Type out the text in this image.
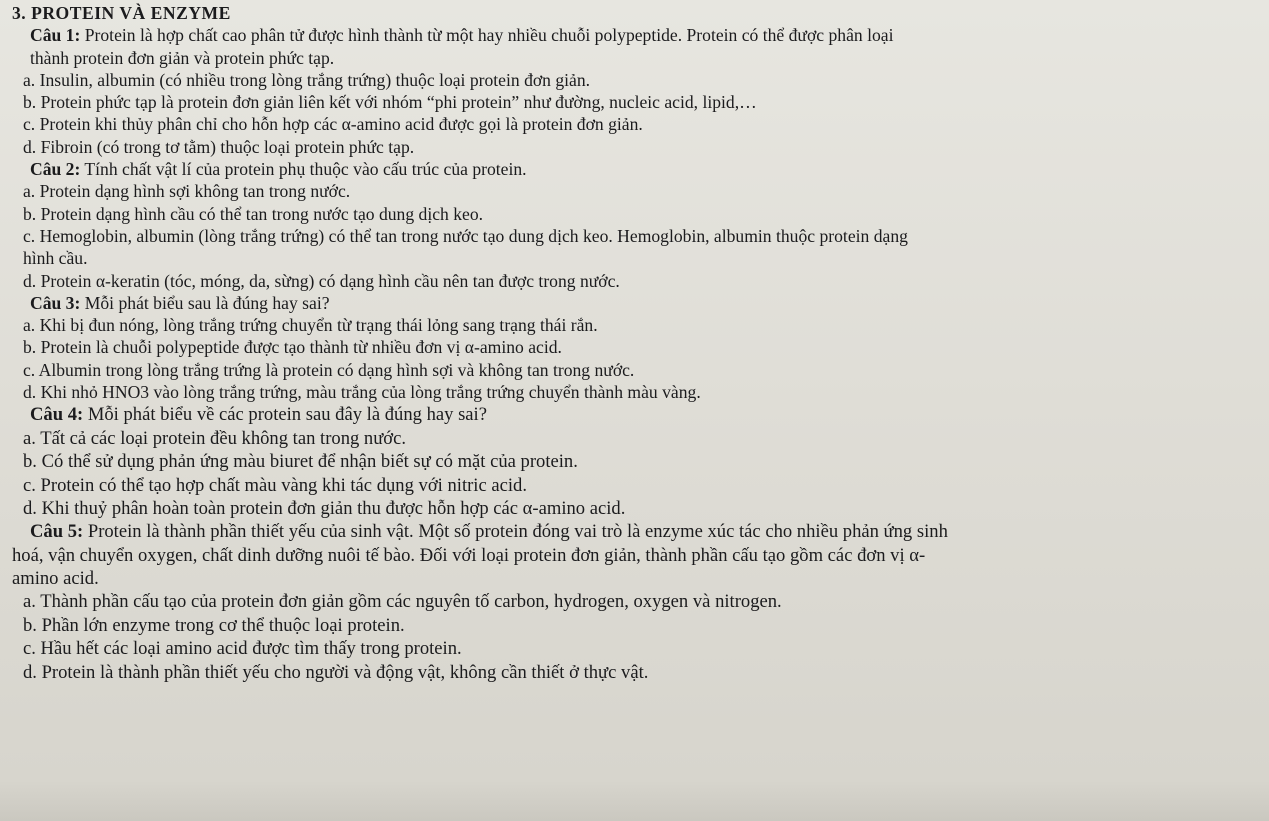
3. PROTEIN VÀ ENZYME
Câu 1: Protein là hợp chất cao phân tử được hình thành từ một hay nhiều chuỗi polypeptide. Protein có thể được phân loại
thành protein đơn giản và protein phức tạp.
a. Insulin, albumin (có nhiều trong lòng trắng trứng) thuộc loại protein đơn giản.
b. Protein phức tạp là protein đơn giản liên kết với nhóm “phi protein” như đường, nucleic acid, lipid,…
c. Protein khi thủy phân chỉ cho hỗn hợp các α-amino acid được gọi là protein đơn giản.
d. Fibroin (có trong tơ tằm) thuộc loại protein phức tạp.
Câu 2: Tính chất vật lí của protein phụ thuộc vào cấu trúc của protein.
a. Protein dạng hình sợi không tan trong nước.
b. Protein dạng hình cầu có thể tan trong nước tạo dung dịch keo.
c. Hemoglobin, albumin (lòng trắng trứng) có thể tan trong nước tạo dung dịch keo. Hemoglobin, albumin thuộc protein dạng
hình cầu.
d. Protein α-keratin (tóc, móng, da, sừng) có dạng hình cầu nên tan được trong nước.
Câu 3: Mỗi phát biểu sau là đúng hay sai?
a. Khi bị đun nóng, lòng trắng trứng chuyển từ trạng thái lỏng sang trạng thái rắn.
b. Protein là chuỗi polypeptide được tạo thành từ nhiều đơn vị α-amino acid.
c. Albumin trong lòng trắng trứng là protein có dạng hình sợi và không tan trong nước.
d. Khi nhỏ HNO3 vào lòng trắng trứng, màu trắng của lòng trắng trứng chuyển thành màu vàng.
Câu 4: Mỗi phát biểu về các protein sau đây là đúng hay sai?
a. Tất cả các loại protein đều không tan trong nước.
b. Có thể sử dụng phản ứng màu biuret để nhận biết sự có mặt của protein.
c. Protein có thể tạo hợp chất màu vàng khi tác dụng với nitric acid.
d. Khi thuỷ phân hoàn toàn protein đơn giản thu được hỗn hợp các α-amino acid.
Câu 5: Protein là thành phần thiết yếu của sinh vật. Một số protein đóng vai trò là enzyme xúc tác cho nhiều phản ứng sinh
hoá, vận chuyển oxygen, chất dinh dưỡng nuôi tế bào. Đối với loại protein đơn giản, thành phần cấu tạo gồm các đơn vị α-
amino acid.
a. Thành phần cấu tạo của protein đơn giản gồm các nguyên tố carbon, hydrogen, oxygen và nitrogen.
b. Phần lớn enzyme trong cơ thể thuộc loại protein.
c. Hầu hết các loại amino acid được tìm thấy trong protein.
d. Protein là thành phần thiết yếu cho người và động vật, không cần thiết ở thực vật.
